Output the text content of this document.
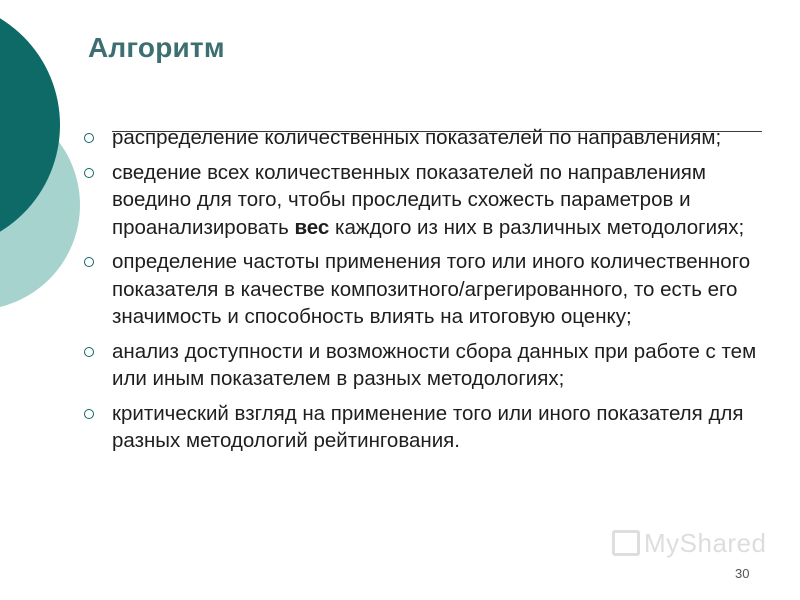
Алгоритм
распределение количественных показателей по направлениям;
сведение всех количественных показателей по направлениям воедино для того, чтобы проследить схожесть параметров и проанализировать вес каждого из них в различных методологиях;
определение частоты применения того или иного количественного показателя в качестве композитного/агрегированного, то есть его значимость и способность влиять на итоговую оценку;
анализ доступности и возможности сбора данных при работе с тем или иным показателем в разных методологиях;
критический взгляд на применение того или иного показателя для разных методологий рейтингования.
MyShared
30
